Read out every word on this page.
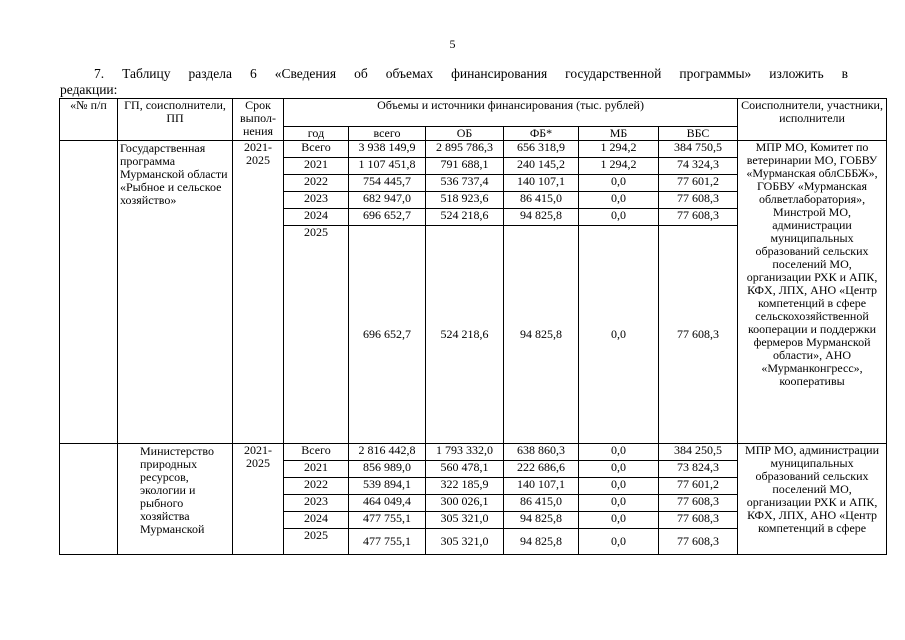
5
7. Таблицу раздела 6 «Сведения об объемах финансирования государственной программы» изложить в
редакции:
«№ п/п	ГП, соисполнители, ПП	Срок выпол-нения	Объемы и источники финансирования (тыс. рублей)						Соисполнители, участники, исполнители
			год	всего	ОБ	ФБ*	МБ	ВБС	
	Государственная программа Мурманской области «Рыбное и сельское хозяйство»	2021-2025	Всего	3 938 149,9	2 895 786,3	656 318,9	1 294,2	384 750,5	МПР МО, Комитет по ветеринарии МО, ГОБВУ «Мурманская облСББЖ», ГОБВУ «Мурманская облветлаборатория», Минстрой МО, администрации муниципальных образований сельских поселений МО, организации РХК и АПК, КФХ, ЛПХ, АНО «Центр компетенций в сфере сельскохозяйственной кооперации и поддержки фермеров Мурманской области», АНО «Мурманконгресс», кооперативы
			2021	1 107 451,8	791 688,1	240 145,2	1 294,2	74 324,3	
			2022	754 445,7	536 737,4	140 107,1	0,0	77 601,2	
			2023	682 947,0	518 923,6	86 415,0	0,0	77 608,3	
			2024	696 652,7	524 218,6	94 825,8	0,0	77 608,3	
			2025	696 652,7	524 218,6	94 825,8	0,0	77 608,3	
	Министерство природных ресурсов, экологии и рыбного хозяйства Мурманской	2021-2025	Всего	2 816 442,8	1 793 332,0	638 860,3	0,0	384 250,5	МПР МО, администрации муниципальных образований сельских поселений МО, организации РХК и АПК, КФХ, ЛПХ, АНО «Центр компетенций в сфере
			2021	856 989,0	560 478,1	222 686,6	0,0	73 824,3	
			2022	539 894,1	322 185,9	140 107,1	0,0	77 601,2	
			2023	464 049,4	300 026,1	86 415,0	0,0	77 608,3	
			2024	477 755,1	305 321,0	94 825,8	0,0	77 608,3	
			2025	477 755,1	305 321,0	94 825,8	0,0	77 608,3	
